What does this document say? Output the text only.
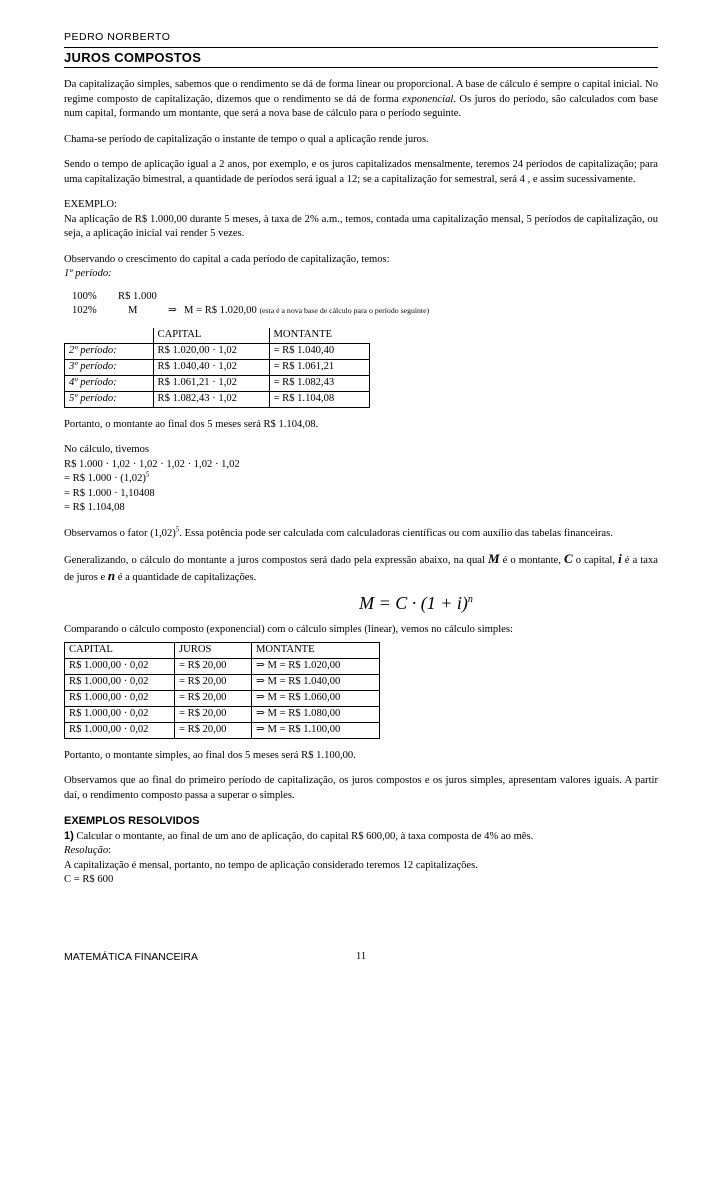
PEDRO NORBERTO

JUROS COMPOSTOS

Da capitalização simples, sabemos que o rendimento se dá de forma linear ou proporcional. A base de cálculo é sempre o capital inicial. No regime composto de capitalização, dizemos que o rendimento se dá de forma exponencial. Os juros do período, são calculados com base num capital, formando um montante, que será a nova base de cálculo para o período seguinte.

Chama-se período de capitalização o instante de tempo o qual a aplicação rende juros.

Sendo o tempo de aplicação igual a 2 anos, por exemplo, e os juros capitalizados mensalmente, teremos 24 períodos de capitalização; para uma capitalização bimestral, a quantidade de períodos será igual a 12; se a capitalização for semestral, será 4 , e assim sucessivamente.

EXEMPLO:
Na aplicação de R$ 1.000,00 durante 5 meses, à taxa de 2% a.m., temos, contada uma capitalização mensal, 5 períodos de capitalização, ou seja, a aplicação inicial vai render 5 vezes.

Observando o crescimento do capital a cada período de capitalização, temos:

1º período:

100% R$ 1.000
102%	M	⇒ M = R$ 1.020,00 (esta é a nova base de cálculo para o período seguinte)
	CAPITAL	MONTANTE
2º período:	R$ 1.020,00 · 1,02	= R$ 1.040,40
3º período:	R$ 1.040,40 · 1,02	= R$ 1.061,21
4º período:	R$ 1.061,21 · 1,02	= R$ 1.082,43
5º período:	R$ 1.082,43 · 1,02	= R$ 1.104,08

Portanto, o montante ao final dos 5 meses será R$ 1.104,08.

No cálculo, tivemos
R$ 1.000 · 1,02 · 1,02 · 1,02 · 1,02 · 1,02
= R$ $1.000 \cdot (1,02)^5$
= R$ 1.000 · 1,10408
= R$ 1.104,08

Observamos o fator $(1,02)^5$. Essa potência pode ser calculada com calculadoras científicas ou com auxílio das tabelas financeiras.

Generalizando, o cálculo do montante a juros compostos será dado pela expressão abaixo, na qual M é o montante, C o capital, i é a taxa de juros e n é a quantidade de capitalizações.

$M = C \cdot (1 + i)^n$

Comparando o cálculo composto (exponencial) com o cálculo simples (linear), vemos no cálculo simples:

CAPITAL	JUROS	MONTANTE
R$ 1.000,00 · 0,02	= R$ 20,00	⇒ M = R$ 1.020,00
R$ 1.000,00 · 0,02	= R$ 20,00	⇒ M = R$ 1.040,00
R$ 1.000,00 · 0,02	= R$ 20,00	⇒ M = R$ 1.060,00
R$ 1.000,00 · 0,02	= R$ 20,00	⇒ M = R$ 1.080,00
R$ 1.000,00 · 0,02	= R$ 20,00	⇒ M = R$ 1.100,00

Portanto, o montante simples, ao final dos 5 meses será R$ 1.100,00.

Observamos que ao final do primeiro período de capitalização, os juros compostos e os juros simples, apresentam valores iguais. A partir daí, o rendimento composto passa a superar o simples.

EXEMPLOS RESOLVIDOS

1) Calcular o montante, ao final de um ano de aplicação, do capital R$ 600,00, à taxa composta de 4% ao mês.
Resolução:
A capitalização é mensal, portanto, no tempo de aplicação considerado teremos 12 capitalizações.
C = R$ 600
MATEMÁTICA FINANCEIRA	11
